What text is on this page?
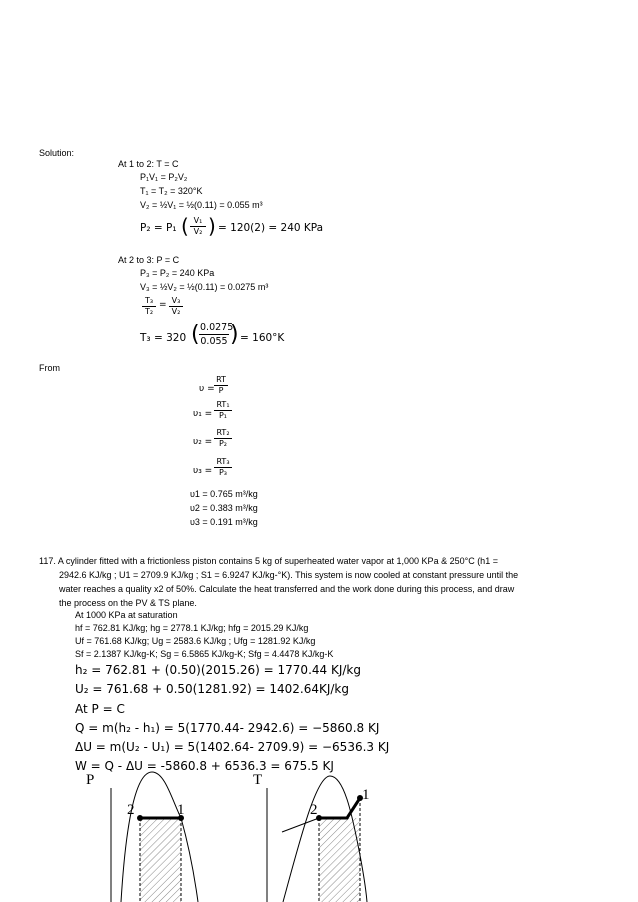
Solution:
At 1 to 2: T = C
P₁V₁ = P₂V₂
T₁ = T₂ = 320°K
V₂ = ½V₁ = ½(0.11) = 0.055 m³
P₂ = P₁ ( $\frac{\text{V₁}}{\text{V₂}}$ ) = 120(2) = 240 KPa
At 2 to 3: P = C
P₃ = P₂ = 240 KPa
V₃ = ½V₂ = ½(0.11) = 0.0275 m³
$\frac{\text{T₃}}{\text{T₂}} = \frac{\text{V₃}}{\text{V₂}}$
T₃ = 320 ( $\frac{0.0275}{0.055}$ ) = 160°K
From
$\upsilon = \frac{RT}{P}$
$\upsilon_1 = \frac{\text{RT₁}}{\text{P₁}}$
$\upsilon_2 = \frac{\text{RT₂}}{\text{P₂}}$
$\upsilon_3 = \frac{\text{RT₃}}{\text{P₃}}$
υ1 = 0.765 m³/kg
υ2 = 0.383 m³/kg
υ3 = 0.191 m³/kg
117. A cylinder fitted with a frictionless piston contains 5 kg of superheated water vapor at 1,000 KPa & 250°C (h1 =
2942.6 KJ/kg ; U1 = 2709.9 KJ/kg ; S1 = 6.9247 KJ/kg-°K). This system is now cooled at constant pressure until the
water reaches a quality x2 of 50%. Calculate the heat transferred and the work done during this process, and draw
the process on the PV & TS plane.
At 1000 KPa at saturation
hf = 762.81 KJ/kg; hg = 2778.1 KJ/kg; hfg = 2015.29 KJ/kg
Uf = 761.68 KJ/kg; Ug = 2583.6 KJ/kg ; Ufg = 1281.92 KJ/kg
Sf = 2.1387 KJ/kg-K; Sg = 6.5865 KJ/kg-K; Sfg = 4.4478 KJ/kg-K
h₂ = 762.81 + (0.50)(2015.26) = 1770.44 KJ/kg
U₂ = 761.68 + 0.50(1281.92) = 1402.64KJ/kg
At P = C
Q = m(h₂ - h₁) = 5(1770.44- 2942.6) = −5860.8 KJ
ΔU = m(U₂ - U₁) = 5(1402.64- 2709.9) = −6536.3 KJ
W = Q - ΔU = -5860.8 + 6536.3 = 675.5 KJ
P	T
2	1	2
1
